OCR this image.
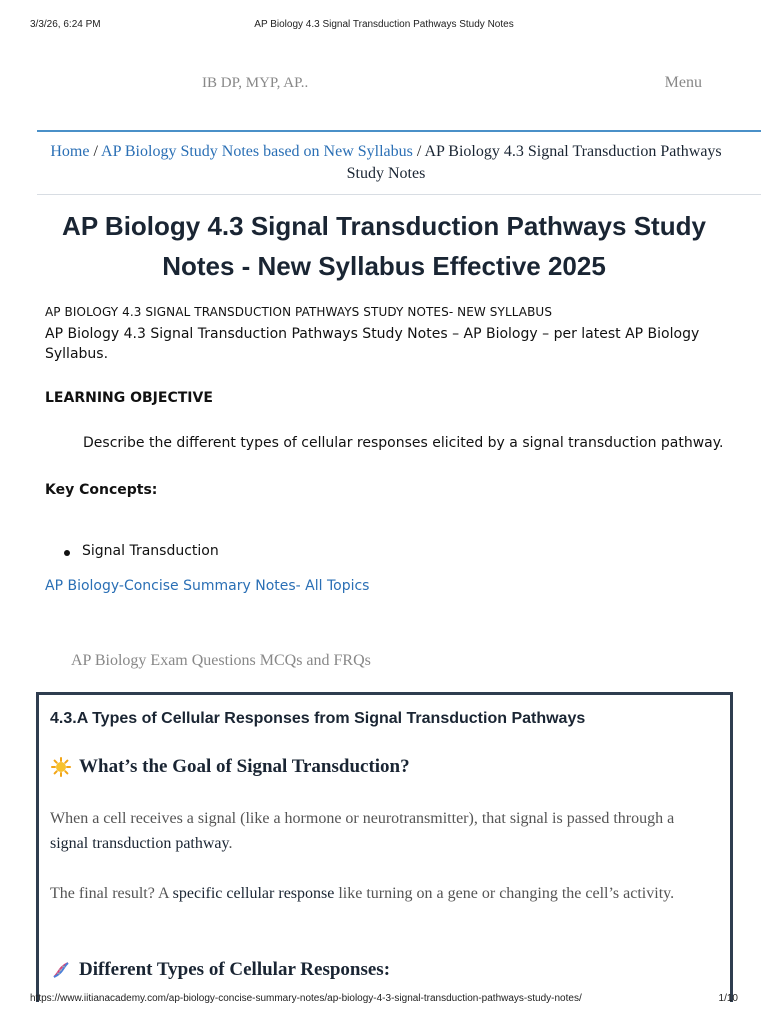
3/3/26, 6:24 PM	AP Biology 4.3 Signal Transduction Pathways Study Notes
IB DP, MYP, AP..	Menu
Home / AP Biology Study Notes based on New Syllabus / AP Biology 4.3 Signal Transduction Pathways Study Notes
AP Biology 4.3 Signal Transduction Pathways Study Notes - New Syllabus Effective 2025
AP BIOLOGY 4.3 SIGNAL TRANSDUCTION PATHWAYS STUDY NOTES- NEW SYLLABUS

AP Biology 4.3 Signal Transduction Pathways Study Notes – AP Biology – per latest AP Biology Syllabus.

LEARNING OBJECTIVE

Describe the different types of cellular responses elicited by a signal transduction pathway.

Key Concepts:
Signal Transduction
AP Biology-Concise Summary Notes- All Topics
AP Biology Exam Questions MCQs and FRQs
4.3.A Types of Cellular Responses from Signal Transduction Pathways
What’s the Goal of Signal Transduction?

When a cell receives a signal (like a hormone or neurotransmitter), that signal is passed through a signal transduction pathway.

The final result? A specific cellular response like turning on a gene or changing the cell’s activity.

Different Types of Cellular Responses:
https://www.iitianacademy.com/ap-biology-concise-summary-notes/ap-biology-4-3-signal-transduction-pathways-study-notes/	1/10
